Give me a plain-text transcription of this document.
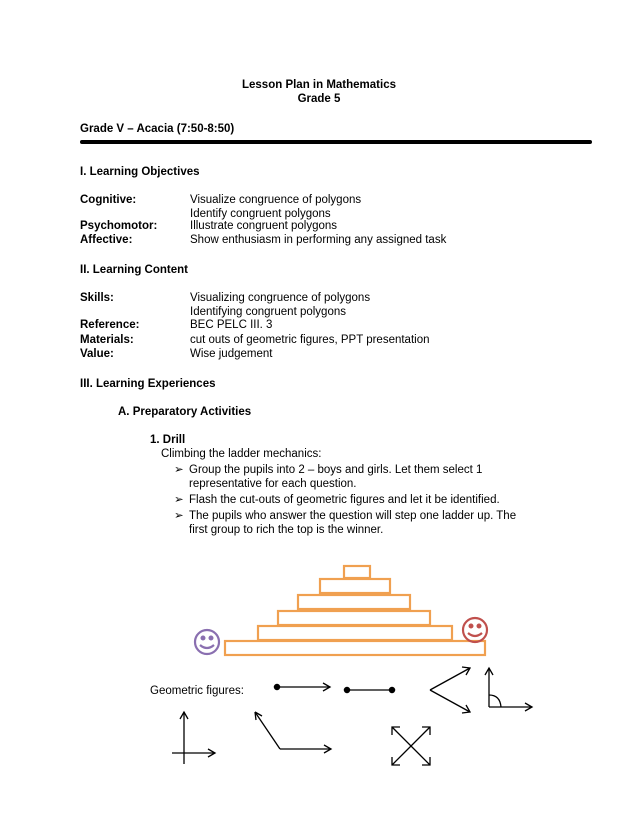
Lesson Plan in Mathematics
Grade 5
Grade V – Acacia (7:50-8:50)
I. Learning Objectives
Cognitive:	Visualize congruence of polygons
Identify congruent polygons
Psychomotor:	Illustrate congruent polygons
Affective:	Show enthusiasm in performing any assigned task
II. Learning Content
Skills:	Visualizing congruence of polygons
Identifying congruent polygons
Reference:	BEC PELC III. 3
Materials:	cut outs of geometric figures, PPT presentation
Value:	Wise judgement
III. Learning Experiences
A. Preparatory Activities
1. Drill
Climbing the ladder mechanics:
➢ Group the pupils into 2 – boys and girls. Let them select 1
representative for each question.
➢ Flash the cut-outs of geometric figures and let it be identified.
➢ The pupils who answer the question will step one ladder up. The
first group to rich the top is the winner.
Geometric figures:
